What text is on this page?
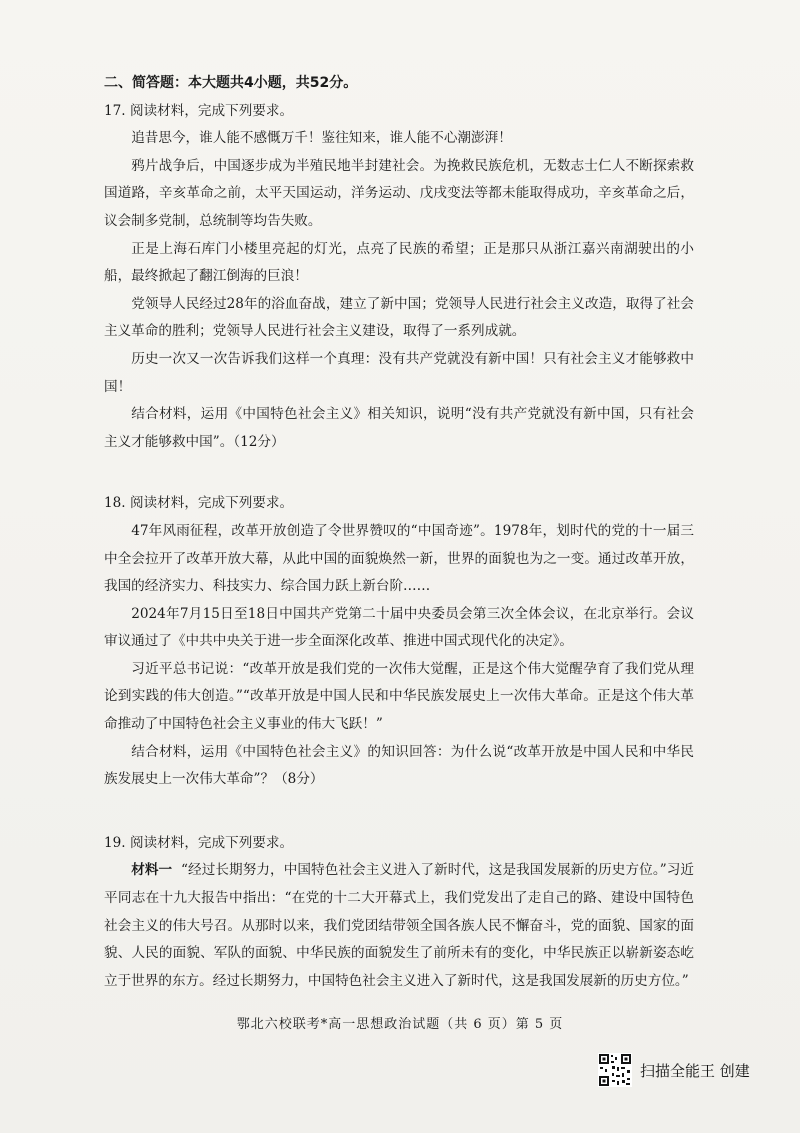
二、简答题：本大题共4小题，共52分。

17. 阅读材料，完成下列要求。

追昔思今，谁人能不感慨万千！鉴往知来，谁人能不心潮澎湃！

鸦片战争后，中国逐步成为半殖民地半封建社会。为挽救民族危机，无数志士仁人不断探索救国道路，辛亥革命之前，太平天国运动，洋务运动、戊戌变法等都未能取得成功，辛亥革命之后，议会制多党制，总统制等均告失败。

正是上海石库门小楼里亮起的灯光，点亮了民族的希望；正是那只从浙江嘉兴南湖驶出的小船，最终掀起了翻江倒海的巨浪！

党领导人民经过28年的浴血奋战，建立了新中国；党领导人民进行社会主义改造，取得了社会主义革命的胜利；党领导人民进行社会主义建设，取得了一系列成就。

历史一次又一次告诉我们这样一个真理：没有共产党就没有新中国！只有社会主义才能够救中国！

结合材料，运用《中国特色社会主义》相关知识，说明“没有共产党就没有新中国，只有社会主义才能够救中国”。（12分）

18. 阅读材料，完成下列要求。

47年风雨征程，改革开放创造了令世界赞叹的“中国奇迹”。1978年，划时代的党的十一届三中全会拉开了改革开放大幕，从此中国的面貌焕然一新，世界的面貌也为之一变。通过改革开放，我国的经济实力、科技实力、综合国力跃上新台阶……

2024年7月15日至18日中国共产党第二十届中央委员会第三次全体会议，在北京举行。会议审议通过了《中共中央关于进一步全面深化改革、推进中国式现代化的决定》。

习近平总书记说：“改革开放是我们党的一次伟大觉醒，正是这个伟大觉醒孕育了我们党从理论到实践的伟大创造。”“改革开放是中国人民和中华民族发展史上一次伟大革命。正是这个伟大革命推动了中国特色社会主义事业的伟大飞跃！”

结合材料，运用《中国特色社会主义》的知识回答：为什么说“改革开放是中国人民和中华民族发展史上一次伟大革命”？（8分）

19. 阅读材料，完成下列要求。

材料一 “经过长期努力，中国特色社会主义进入了新时代，这是我国发展新的历史方位。”习近平同志在十九大报告中指出：“在党的十二大开幕式上，我们党发出了走自己的路、建设中国特色社会主义的伟大号召。从那时以来，我们党团结带领全国各族人民不懈奋斗，党的面貌、国家的面貌、人民的面貌、军队的面貌、中华民族的面貌发生了前所未有的变化，中华民族正以崭新姿态屹立于世界的东方。经过长期努力，中国特色社会主义进入了新时代，这是我国发展新的历史方位。”

鄂北六校联考*高一思想政治试题（共 6 页）第 5 页
扫描全能王 创建
